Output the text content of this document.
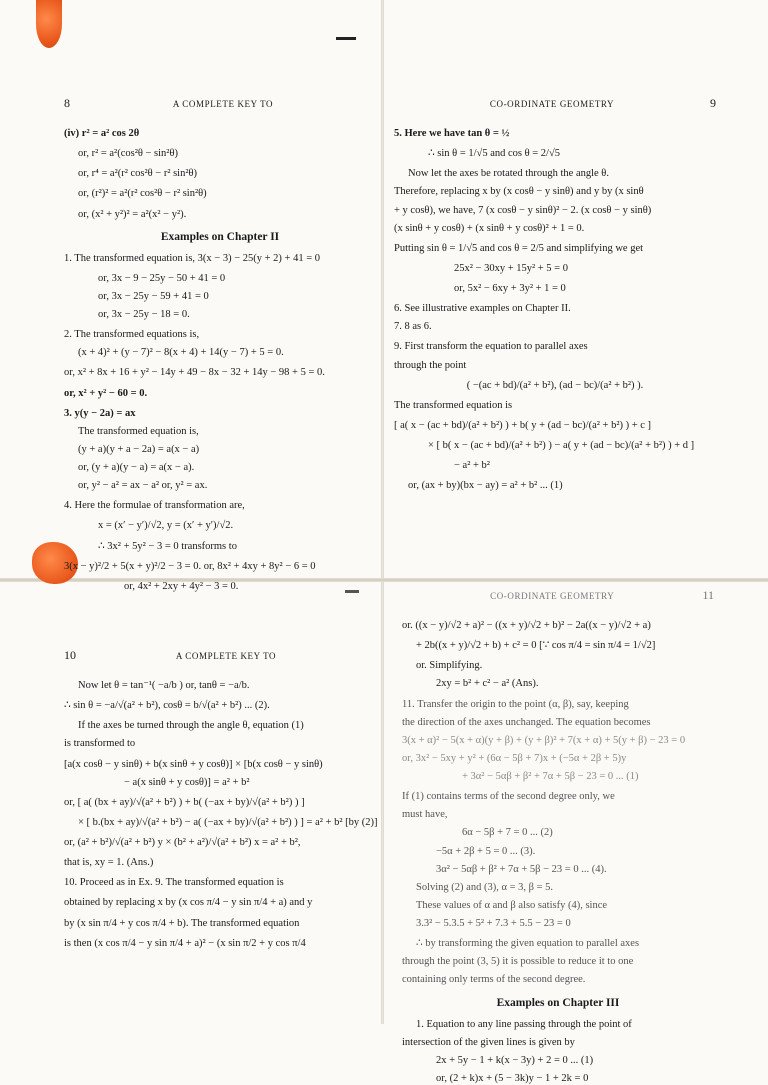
8	A COMPLETE KEY TO
(iv) r² = a² cos 2θ
or, r² = a²(cos²θ − sin²θ)
or, r⁴ = a²(r² cos²θ − r² sin²θ)
or, (r²)² = a²(r² cos²θ − r² sin²θ)
or, (x² + y²)² = a²(x² − y²).
Examples on Chapter II
1. The transformed equation is, 3(x − 3) − 25(y + 2) + 41 = 0
or, 3x − 9 − 25y − 50 + 41 = 0
or, 3x − 25y − 59 + 41 = 0
or, 3x − 25y − 18 = 0.
2. The transformed equations is,
(x + 4)² + (y − 7)² − 8(x + 4) + 14(y − 7) + 5 = 0.
or, x² + 8x + 16 + y² − 14y + 49 − 8x − 32 + 14y − 98 + 5 = 0.
or, x² + y² − 60 = 0.
3. y(y − 2a) = ax
The transformed equation is,
(y + a)(y + a − 2a) = a(x − a)
or, (y + a)(y − a) = a(x − a).
or, y² − a² = ax − a² or, y² = ax.
4. Here the formulae of transformation are,
x = (x′ − y′)/√2, y = (x′ + y′)/√2.
∴ 3x² + 5y² − 3 = 0 transforms to
3(x − y)²/2 + 5(x + y)²/2 − 3 = 0. or, 8x² + 4xy + 8y² − 6 = 0
or, 4x² + 2xy + 4y² − 3 = 0.
CO-ORDINATE GEOMETRY	9
5. Here we have tan θ = ½
∴ sin θ = 1/√5 and cos θ = 2/√5
Now let the axes be rotated through the angle θ.
Therefore, replacing x by (x cosθ − y sinθ) and y by (x sinθ
+ y cosθ), we have, 7 (x cosθ − y sinθ)² − 2. (x cosθ − y sinθ)
(x sinθ + y cosθ) + (x sinθ + y cosθ)² + 1 = 0.
Putting sin θ = 1/√5 and cos θ = 2/5 and simplifying we get
25x² − 30xy + 15y² + 5 = 0
or, 5x² − 6xy + 3y² + 1 = 0
6. See illustrative examples on Chapter II.
7. 8 as 6.
9. First transform the equation to parallel axes
through the point
( −(ac + bd)/(a² + b²), (ad − bc)/(a² + b²) ).
The transformed equation is
[ a( x − (ac + bd)/(a² + b²) ) + b( y + (ad − bc)/(a² + b²) ) + c ]
× [ b( x − (ac + bd)/(a² + b²) ) − a( y + (ad − bc)/(a² + b²) ) + d ]
− a² + b²
or, (ax + by)(bx − ay) = a² + b² ... (1)
10	A COMPLETE KEY TO
Now let θ = tan⁻¹( −a/b ) or, tanθ = −a/b.
∴ sin θ = −a/√(a² + b²), cosθ = b/√(a² + b²) ... (2).
If the axes be turned through the angle θ, equation (1)
is transformed to
[a(x cosθ − y sinθ) + b(x sinθ + y cosθ)] × [b(x cosθ − y sinθ)
− a(x sinθ + y cosθ)] = a² + b²
or, [ a( (bx + ay)/√(a² + b²) ) + b( (−ax + by)/√(a² + b²) ) ]
× [ b.(bx + ay)/√(a² + b²) − a( (−ax + by)/√(a² + b²) ) ] = a² + b² [by (2)]
or, (a² + b²)/√(a² + b²) y × (b² + a²)/√(a² + b²) x = a² + b²,
that is, xy = 1. (Ans.)
10. Proceed as in Ex. 9. The transformed equation is
obtained by replacing x by (x cos π/4 − y sin π/4 + a) and y
by (x sin π/4 + y cos π/4 + b). The transformed equation
is then (x cos π/4 − y sin π/4 + a)² − (x sin π/2 + y cos π/4
CO-ORDINATE GEOMETRY	11
or. ((x − y)/√2 + a)² − ((x + y)/√2 + b)² − 2a((x − y)/√2 + a)
+ 2b((x + y)/√2 + b) + c² = 0 [∵ cos π/4 = sin π/4 = 1/√2]
or. Simplifying.
2xy = b² + c² − a² (Ans).
11. Transfer the origin to the point (α, β), say, keeping
the direction of the axes unchanged. The equation becomes
3(x + α)² − 5(x + α)(y + β) + (y + β)² + 7(x + α) + 5(y + β) − 23 = 0
or, 3x² − 5xy + y² + (6α − 5β + 7)x + (−5α + 2β + 5)y
+ 3α² − 5αβ + β² + 7α + 5β − 23 = 0 ... (1)
If (1) contains terms of the second degree only, we
must have,
6α − 5β + 7 = 0 ... (2)
−5α + 2β + 5 = 0 ... (3).
3α² − 5αβ + β² + 7α + 5β − 23 = 0 ... (4).
Solving (2) and (3), α = 3, β = 5.
These values of α and β also satisfy (4), since
3.3² − 5.3.5 + 5² + 7.3 + 5.5 − 23 = 0
∴ by transforming the given equation to parallel axes
through the point (3, 5) it is possible to reduce it to one
containing only terms of the second degree.
Examples on Chapter III
1. Equation to any line passing through the point of
intersection of the given lines is given by
2x + 5y − 1 + k(x − 3y) + 2 = 0 ... (1)
or, (2 + k)x + (5 − 3k)y − 1 + 2k = 0
